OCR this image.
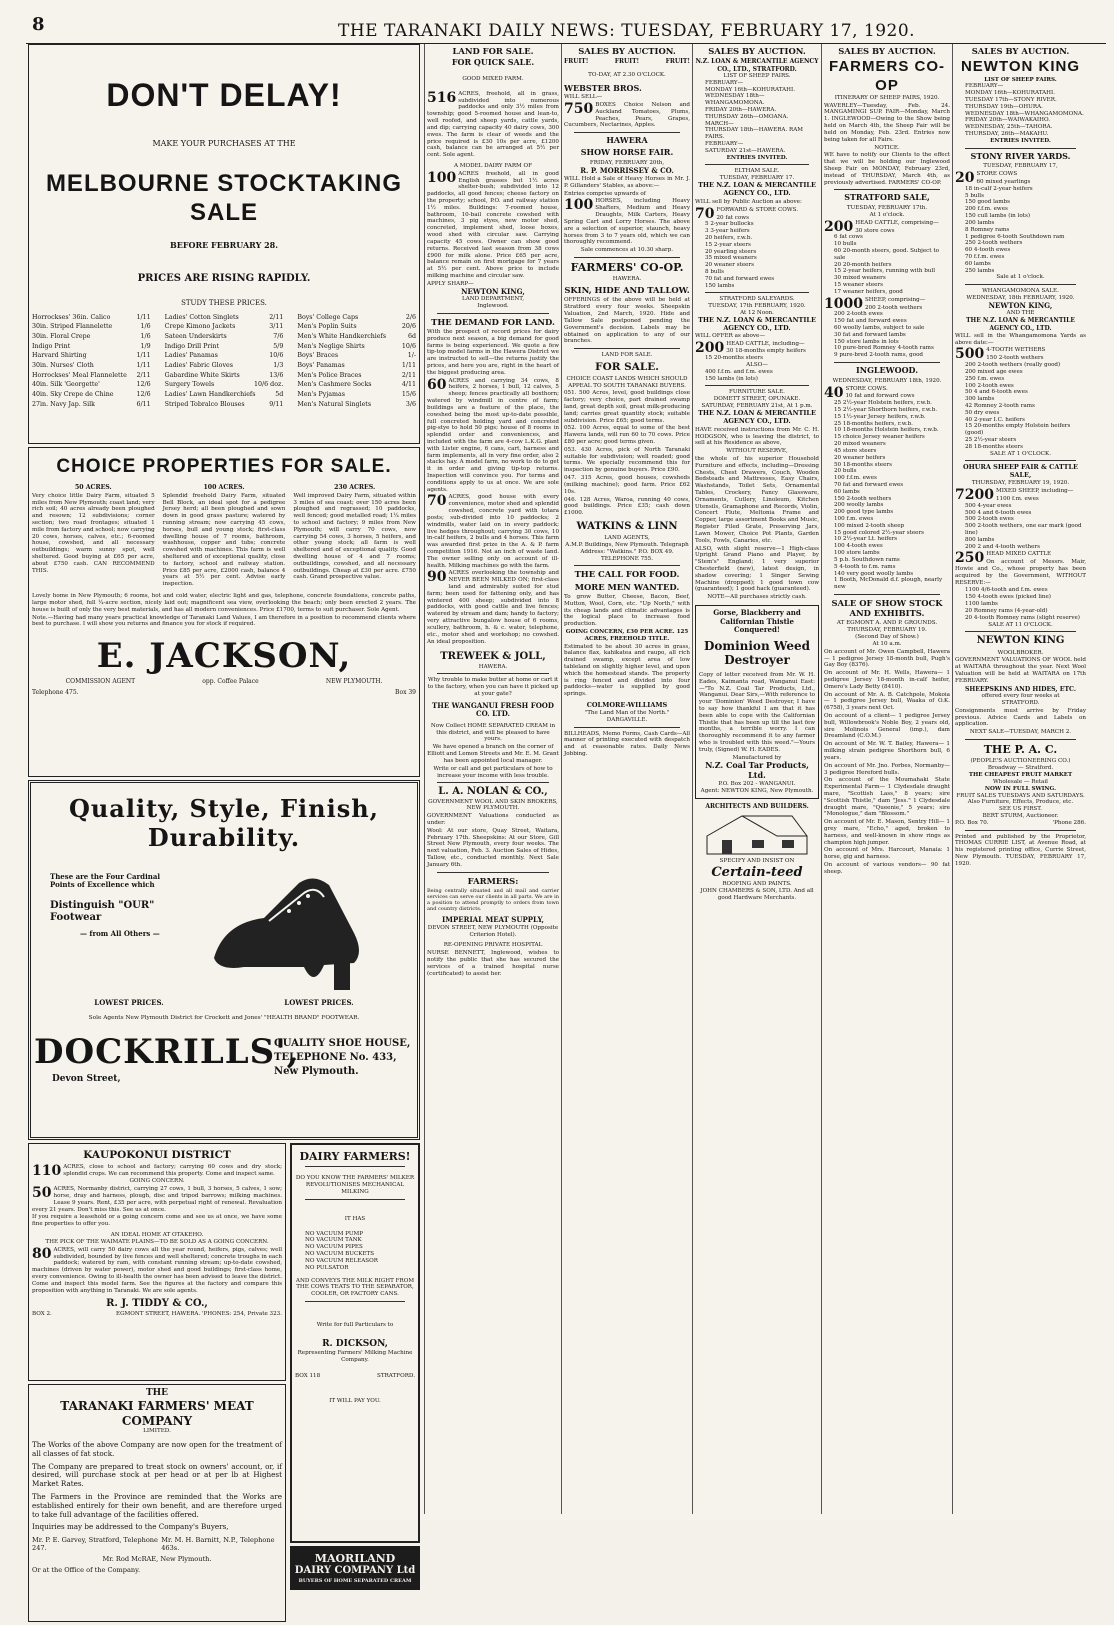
8	THE TARANAKI DAILY NEWS: TUESDAY, FEBRUARY 17, 1920.
DON'T DELAY!
MAKE YOUR PURCHASES AT THE
MELBOURNE STOCKTAKING SALE
BEFORE FEBRUARY 28.
PRICES ARE RISING RAPIDLY.
STUDY THESE PRICES.
Horrockses' 36in. Calico	1/11 Ladies' Cotton Singlets	2/11 Boys' College Caps	2/6
30in. Striped Flannelette	1/6 Crepe Kimono Jackets	3/11 Men's Poplin Suits	20/6
30in. Floral Crepe	1/6 Sateen Underskirts	7/6 Men's White Handkerchiefs	6d
Indigo Print	1/9 Indigo Drill Print	5/9 Men's Neglige Shirts	10/6
Harvard Shirting	1/11 Ladies' Panamas	10/6 Boys' Braces	1/-
30in. Nurses' Cloth	1/11 Ladies' Fabric Gloves	1/3 Boys' Panamas	1/11
Horrockses' Meal Flannelette 2/11 Gabardine White Skirts	13/6 Men's Police Braces	2/11
40in. Silk 'Georgette'	12/6 Surgery Towels	10/6 doz. Men's Cashmere Socks	4/11
40in. Sky Crepe de Chine	12/6 Ladies' Lawn Handkerchiefs	5d Men's Pyjamas	15/6
27in. Navy Jap. Silk	6/11 Striped Tobralco Blouses	9/11 Men's Natural Singlets	3/6
CHOICE PROPERTIES FOR SALE.
50 ACRES.

Very choice little Dairy Farm, situated 5 miles from New Plymouth; coast land; very rich soil; 40 acres already been ploughed and resown; 12 subdivisions; corner section; two road frontages; situated 1 mile from factory and school; now carrying 20 cows, horses, calves, etc.; 6-roomed house, cowshed, and all necessary outbuildings; warm sunny spot, well sheltered. Good buying at £65 per acre, about £750 cash. CAN RECOMMEND THIS.

100 ACRES.

Splendid freehold Dairy Farm, situated Bell Block, an ideal spot for a pedigree Jersey herd; all been ploughed and sown down in good grass pasture; watered by running stream; now carrying 45 cows, horses, bull and young stock; first-class dwelling house of 7 rooms, bathroom, washhouse, copper and tubs; concrete cowshed with machines. This farm is well sheltered and of exceptional quality, close to factory, school and railway station. Price £85 per acre, £2000 cash, balance 4 years at 5½ per cent. Advise early inspection.

230 ACRES.

Well improved Dairy Farm, situated within 3 miles of sea coast; over 150 acres been ploughed and regrassed; 10 paddocks, well fenced; good metalled road; 1¼ miles to school and factory; 9 miles from New Plymouth; will carry 70 cows, now carrying 54 cows, 3 horses, 5 heifers, and other young stock; all farm is well sheltered and of exceptional quality. Good dwelling house of 4 and 7 rooms; outbuildings, cowshed, and all necessary outbuildings. Cheap at £30 per acre. £750 cash. Grand prospective value.

Lovely home in New Plymouth; 6 rooms, hot and cold water, electric light and gas, telephone, concrete foundations, concrete paths, large motor shed, full ¼-acre section, nicely laid out; magnificent sea view, overlooking the beach; only been erected 2 years. The house is built of only the very best materials, and has all modern conveniences. Price £1700, terms to suit purchaser. Sole Agent.

Note.—Having had many years practical knowledge of Taranaki Land Values, I am therefore in a position to recommend clients where best to purchase. I will show you returns and finance you for stock if required.

E. JACKSON,
COMMISSION AGENT	opp. Coffee Palace	NEW PLYMOUTH.
Telephone 475.	Box 39
Quality, Style, Finish, Durability.
These are the Four Cardinal
Points of Excellence which
Distinguish "OUR" Footwear
— from All Others —
LOWEST PRICES.	LOWEST PRICES.
Sole Agents New Plymouth District for Crockett and Jones' "HEALTH BRAND" FOOTWEAR.
DOCKRILLS',
Devon Street,
QUALITY SHOE HOUSE,
TELEPHONE No. 433,
New Plymouth.
KAUPOKONUI DISTRICT

110 ACRES, close to school and factory; carrying 60 cows and dry stock; splendid crops. We can recommend this property. Come and inspect same.

GOING CONCERN.

50 ACRES, Normanby district, carrying 27 cows, 1 bull, 3 horses, 5 calves, 1 sow; horse, dray and harness, plough, disc and tripod barrows; milking machines. Lease 9 years. Rent, £35 per acre, with perpetual right of renewal. Revaluation every 21 years. Don't miss this. See us at once.

If you require a leasehold or a going concern come and see us at once, we have some fine properties to offer you.

AN IDEAL HOME AT OTAKEHO.
THE PICK OF THE WAIMATE PLAINS—TO BE SOLD AS A GOING CONCERN.

80 ACRES, will carry 50 dairy cows all the year round, heifers, pigs, calves; well subdivided, bounded by live fences and well sheltered; concrete troughs in each paddock; watered by ram, with constant running stream; up-to-date cowshed, machines (driven by water power), motor shed and good buildings; first-class home, every convenience. Owing to ill-health the owner has been advised to leave the district. Come and inspect this model farm. See the figures at the factory and compare this proposition with anything in Taranaki. We are sole agents.

R. J. TIDDY & CO.,
BOX 2.	EGMONT STREET, HAWERA. 'PHONES: 254, Private 323.
THE
TARANAKI FARMERS' MEAT COMPANY
LIMITED.

The Works of the above Company are now open for the treatment of all classes of fat stock.

The Company are prepared to treat stock on owners' account, or, if desired, will purchase stock at per head or at per lb at Highest Market Rates.

The Farmers in the Province are reminded that the Works are established entirely for their own benefit, and are therefore urged to take full advantage of the facilities offered.

Inquiries may be addressed to the Company's Buyers,

Mr. P. E. Garvey, Stratford, Telephone 247.
Mr. M. H. Barnitt, N.P., Telephone 463s.
Mr. Rod McRAE, New Plymouth.
Or at the Office of the Company.
DAIRY FARMERS!
DO YOU KNOW THE FARMERS' MILKER REVOLUTIONISES MECHANICAL MILKING
IT HAS
NO VACUUM PUMP
NO VACUUM TANK
NO VACUUM PIPES
NO VACUUM BUCKETS
NO VACUUM RELEASOR
NO PULSATOR
AND CONVEYS THE MILK RIGHT FROM THE COWS TEATS TO THE SEPARATOR, COOLER, OR FACTORY CANS.
Write for full Particulars to
R. DICKSON,
Representing Farmers' Milking Machine Company.
BOX 118	STRATFORD.
IT WILL PAY YOU.
MAORILAND
DAIRY COMPANY Ltd
BUYERS OF HOME SEPARATED CREAM
LAND FOR SALE.
FOR QUICK SALE.
GOOD MIXED FARM.

516 ACRES, freehold, all in grass, subdivided into numerous paddocks and only 3½ miles from township; good 5-roomed house and lean-to, well roofed, and sheep yards, cattle yards, and dip; carrying capacity 40 dairy cows, 300 ewes. The farm is clear of weeds and the price required is £30 10s per acre, £1200 cash, balance can be arranged at 5½ per cent. Sole agent.

A MODEL DAIRY FARM OF

100 ACRES freehold, all in good English grasses but 1½ acres shelter-bush; subdivided into 12 paddocks, all good fences; cheese factory on the property; school, P.O. and railway station 1½ miles. Buildings: 7-roomed house, bathroom, 10-bail concrete cowshed with machines, 3 pig styes, new motor shed, concreted, implement shed, loose boxes, wood shed with circular saw. Carrying capacity 45 cows. Owner can show good returns. Received last season from 38 cows £900 for milk alone. Price £65 per acre, balance remain on first mortgage for 7 years at 5½ per cent. Above price to include milking machine and circular saw.

APPLY SHARP—
NEWTON KING,
LAND DEPARTMENT,
Inglewood.
THE DEMAND FOR LAND.

With the prospect of record prices for dairy produce next season, a big demand for good farms is being experienced. We quote a few tip-top model farms in the Hawera District we are instructed to sell—the returns justify the prices, and here you are, right in the heart of the biggest producing area.

60 ACRES and carrying 34 cows, 8 heifers, 2 horses, 1 bull, 12 calves, 5 sheep; fences practically all boxthorn; watered by windmill in centre of farm; buildings are a feature of the place, the cowshed being the most up-to-date possible, full concreted holding yard and concreted pig-stye to hold 50 pigs; house of 8 rooms in splendid order and conveniences, and included with the farm are 4-cow L.K.G. plant with Lister engine, 6 cans, cart, harness and farm implements, all in very fine order, also 2 stacks hay. A model farm, no work to do to get it in order and giving tip-top returns. Inspection will convince you. For terms and conditions apply to us at once. We are sole agents.

70 ACRES, good house with every convenience, motor shed and splendid cowshed, concrete yard with totara posts; sub-divided into 10 paddocks; 2 windmills, water laid on in every paddock; live hedges throughout; carrying 30 cows, 10 in-calf heifers, 2 bulls and 4 horses. This farm was awarded first prize in the A. & P. farm competition 1916. Not an inch of waste land. The owner selling only on account of ill-health. Milking machines go with the farm.

90 ACRES overlooking the township and NEVER BEEN MILKED ON; first-class land and admirably suited for stud farm; been used for fattening only, and has wintered 400 sheep; subdivided into 8 paddocks, with good cattle and live fences; watered by stream and dam; handy to factory; very attractive bungalow house of 6 rooms, scullery, bathroom, h. & c. water, telephone, etc., motor shed and workshop; no cowshed. An ideal proposition.

TREWEEK & JOLL,
HAWERA.

Why trouble to make butter at home or cart it to the factory, when you can have it picked up at your gate?

THE WANGANUI FRESH FOOD CO. LTD.

Now Collect HOME SEPARATED CREAM in this district, and will be pleased to have yours.

We have opened a branch on the corner of Elliott and Lemon Streets and Mr. E. M. Grant has been appointed local manager.

Write or call and get particulars of how to increase your income with less trouble.

L. A. NOLAN & CO.,
GOVERNMENT WOOL AND SKIN BROKERS, NEW PLYMOUTH.

GOVERNMENT Valuations conducted as under:

Wool: At our store, Quay Street, Waitara, February 17th. Sheepskins: At our Store, Gill Street New Plymouth, every four weeks. The next valuation, Feb. 3. Auction Sales of Hides, Tallow, etc., conducted monthly. Next Sale January 6th.

FARMERS:

Being centrally situated and all mail and carrier services can serve our clients in all parts. We are in a position to attend promptly to orders from town and country districts.

IMPERIAL MEAT SUPPLY,
DEVON STREET, NEW PLYMOUTH (Opposite Criterion Hotel).
RE-OPENING PRIVATE HOSPITAL

NURSE BENNETT, Inglewood, wishes to notify the public that she has secured the services of a trained hospital nurse (certificated) to assist her.

SALES BY AUCTION.
FRUIT!	FRUIT!	FRUIT!
TO-DAY, AT 2.30 O'CLOCK.
WEBSTER BROS.
WILL SELL—

750 BOXES Choice Nelson and Auckland Tomatoes, Plums, Peaches, Pears, Grapes, Cucumbers, Nectarines, Apples.

HAWERA
SHOW HORSE FAIR.
FRIDAY, FEBRUARY 20th,
R. P. MORRISSEY & CO.

WILL Hold a Sale of Heavy Horses in Mr. J. P. Gillanders' Stables, as above:—

Entries comprise upwards of

100 HORSES, including Heavy Shafters, Medium and Heavy Draughts, Milk Carters, Heavy Spring Cart and Lorry Horses. The above are a selection of superior, staunch, heavy horses from 3 to 7 years old, which we can thoroughly recommend.

Sale commences at 10.30 sharp.
FARMERS' CO-OP.
HAWERA.
SKIN, HIDE AND TALLOW.

OFFERINGS of the above will be held at Stratford every four weeks. Sheepskin Valuation, 2nd March, 1920. Hide and Tallow Sale postponed pending the Government's decision. Labels may be obtained on application to any of our branches.

LAND FOR SALE.
FOR SALE.
CHOICE COAST LANDS WHICH SHOULD APPEAL TO SOUTH TARANAKI BUYERS.

051. 500 Acres, level, good buildings close factory; very choice, part drained swamp land, great depth soil, great milk-producing land; carries great quantity stock; suitable subdivision. Price £65; good terms.

052. 100 Acres, equal to some of the best Hawera lands, will run 60 to 70 cows. Price £80 per acre; good terms given.

053. 430 Acres, pick of North Taranaki suitable for subdivision; well roaded; good terms. We specially recommend this for inspection by genuine buyers. Price £90.

047. 315 Acres, good houses, cowsheds (milking machine); good farm. Price £62 10s.

046. 128 Acres, Waroa, running 40 cows, good buildings. Price £35; cash down £1000.

WATKINS & LINN
LAND AGENTS,
A.M.P. Buildings, New Plymouth. Telegraph Address: "Watkins." P.O. BOX 49. TELEPHONE 755.
THE CALL FOR FOOD.
MORE MEN WANTED.

To grow Butter, Cheese, Bacon, Beef, Mutton, Wool, Corn, etc. "Up North," with its cheap lands and climatic advantages is the logical place to increase food production.

GOING CONCERN, £30 PER ACRE. 125 ACRES, FREEHOLD TITLE.

Estimated to be about 30 acres in grass, balance flax, kahikatea and raupo, all rich drained swamp, except area of low tableland on slightly higher level, and upon which the homestead stands. The property is ring fenced and divided into four paddocks—water is supplied by good springs.

COLMORE-WILLIAMS
"The Land Man of the North." DARGAVILLE.

BILLHEADS, Memo Forms, Cash Cards—All manner of printing executed with despatch and at reasonable rates. Daily News Jobbing.

SALES BY AUCTION.
N.Z. LOAN & MERCANTILE AGENCY CO., LTD., STRATFORD.
LIST OF SHEEP FAIRS.
FEBRUARY—
MONDAY 16th—KOHURATAHI.
WEDNESDAY 18th—WHANGAMOMONA.
FRIDAY 20th—HAWERA.
THURSDAY 26th—OMOANA.
MARCH—
THURSDAY 18th—HAWERA. RAM FAIRS.
FEBRUARY—
SATURDAY 21st—HAWERA.
ENTRIES INVITED.
ELTHAM SALE.
TUESDAY, FEBRUARY 17.
THE N.Z. LOAN & MERCANTILE AGENCY CO., LTD.

WILL sell by Public Auction as above:

70 FORWARD & STORE COWS.

20 fat cows
5 2-year bullocks
3 3-year heifers
20 heifers, r.w.b.
15 2-year steers
20 yearling steers
35 mixed weaners
20 weaner steers
8 bulls
70 fat and forward ewes
150 lambs
STRATFORD SALEYARDS.
TUESDAY, 17th FEBRUARY, 1920.
At 12 Noon.
THE N.Z. LOAN & MERCANTILE AGENCY CO., LTD.
WILL OFFER as above—

200 HEAD CATTLE, including—

30 18-months empty heifers
15 20-months steers
ALSO—
400 f.f.m. and f.m. ewes
150 lambs (in lots)
FURNITURE SALE.
DOMETT STREET, OPUNAKE.
SATURDAY, FEBRUARY 21st, At 1 p.m.
THE N.Z. LOAN & MERCANTILE AGENCY CO., LTD.

HAVE received instructions from Mr. C. H. HODGSON, who is leaving the district, to sell at his Residence as above,

WITHOUT RESERVE,

the whole of his superior Household Furniture and effects, including—Dressing Chests, Chest Drawers, Couch, Wooden Bedsteads and Mattresses, Easy Chairs, Washstands, Toilet Sets, Ornamental Tables, Crockery, Fancy Glassware, Ornaments, Cutlery, Linoleum, Kitchen Utensils, Gramaphone and Records, Violin, Concert Flute, Meltonia Frame and Copper, large assortment Books and Music, Register Filed Grate, Preserving Jars, Lawn Mower, Choice Pot Plants, Garden Tools, Fowls, Canaries, etc.

ALSO, with slight reserve—1 High-class Upright Grand Piano and Player, by "Stem's" England; 1 very superior Chesterfield (new), latest design, in shadow covering; 1 Singer Sewing Machine (dropped); 1 good town cow (guaranteed); 1 good hack (guaranteed).

NOTE—All purchases strictly cash.
Gorse, Blackberry and Californian Thistle Conquered!
Dominion Weed Destroyer

Copy of letter received from Mr. W. H. Eades, Kaimanta road, Wanganui East:—"To N.Z. Coal Tar Products, Ltd., Wanganui. Dear Sirs,—With reference to your 'Dominion' Weed Destroyer, I have to say how thankful I am that it has been able to cope with the Californian Thistle that has been up till the last few months, a terrible worry. I can thoroughly recommend it to any farmer who is troubled with this weed."—Yours truly, (Signed) W. H. EADES.

Manufactured by
N.Z. Coal Tar Products, Ltd.
P.O. Box 202 - WANGANUI.
Agent: NEWTON KING, New Plymouth.
ARCHITECTS AND BUILDERS.
SPECIFY AND INSIST ON
Certain-teed
ROOFING AND PAINTS.
JOHN CHAMBERS & SON, LTD. And all good Hardware Merchants.
SALES BY AUCTION.
FARMERS CO-OP
ITINERARY OF SHEEP FAIRS, 1920.

WAVERLEY—Tuesday, Feb. 24. MANGAMINGI SUP. FAIR—Monday, March 1. INGLEWOOD—Owing to the Show being held on March 4th, the Sheep Fair will be held on Monday, Feb. 23rd. Entries now being taken for all Fairs.

NOTICE.

WE have to notify our Clients to the effect that we will be holding our Inglewood Sheep Fair on MONDAY, February 23rd, instead of THURSDAY, March 4th, as previously advertised. FARMERS' CO-OP.

STRATFORD SALE,
TUESDAY, FEBRUARY 17th.
At 1 o'clock.

200 HEAD CATTLE, comprising—

30 store cows
6 fat cows
10 bulls
60 20-month steers, good. Subject to sale
20 20-month heifers
15 2-year heifers, running with bull
30 mixed weaners
15 weaner steers
17 weaner heifers, good

1000 SHEEP, comprising—

200 2-tooth wethers
200 2-tooth ewes
150 fat and forward ewes
60 woolly lambs, subject to sale
30 fat and forward lambs
150 store lambs in lots
10 pure-bred Romney 4-tooth rams
9 pure-bred 2-tooth rams, good
INGLEWOOD.
WEDNESDAY, FEBRUARY 18th, 1920.

40 STORE COWS.

10 fat and forward cows
25 2½-year Holstein heifers, r.w.b.
15 2½-year Shorthorn heifers, r.w.b.
15 1½-year Jersey heifers, r.w.b.
25 18-months heifers, r.w.b.
10 18-months Holstein heifers, r.w.b.
15 choice Jersey weaner heifers
20 mixed weaners
45 store steers
20 weaner heifers
50 18-months steers
20 bulls
100 f.f.m. ewes
70 fat and forward ewes
60 lambs
150 2-tooth wethers
200 woolly lambs
200 good type lambs
100 f.m. ewes
100 mixed 2-tooth sheep
15 good colored 2½-year steers
10 2½-year Lt. heifers
100 4-tooth ewes
100 store lambs
5 p.b. Southdown rams
5 4-tooth to f.m. rams
140 very good woolly lambs
1 Booth, McDonald d.f. plough, nearly new
SALE OF SHOW STOCK AND EXHIBITS.
AT EGMONT A. AND P. GROUNDS.
THURSDAY, FEBRUARY 19.
(Second Day of Show.)
At 10 a.m.

On account of Mr. Owen Campbell, Hawera— 1 pedigree Jersey 18-month bull, Pugh's Gay Boy (8376).

On account of Mr. H. Wells, Hawera— 1 pedigree Jersey 18-month in-calf heifer, Omero's Lady Betty (8410).

On account of Mr. A. B. Catchpole, Mokoia— 1 pedigree Jersey bull, Waaka of O.K. (6758), 3 years next Oct.

On account of a client— 1 pedigree Jersey bull, Willowbrook's Noble Boy, 2 years old, sire Molinois General (imp.), dam Dreamland (C.O.M.)

On account of Mr. W. T. Bailey, Hawera— 1 milking strain pedigree Shorthorn bull, 6 years.

On account of Mr. Jno. Forbes, Normanby— 3 pedigree Hereford bulls.

On account of the Moumahaki State Experimental Farm— 1 Clydesdale draught mare, "Scottish Lass," 8 years; sire "Scottish Thistle," dam "Jess." 1 Clydesdale draught mare, "Queenie," 5 years; sire "Monologue," dam "Blossom."

On account of Mr. E. Mason, Sentry Hill— 1 grey mare, "Echo," aged, broken to harness, and well-known in show rings as champion high jumper.

On account of Mrs. Harcourt, Manaia: 1 horse, gig and harness.

On account of various vendors— 90 fat sheep.

SALES BY AUCTION.
NEWTON KING
LIST OF SHEEP FAIRS.
FEBRUARY—
MONDAY 16th—KOHURATAHI.
TUESDAY 17th—STONY RIVER.
THURSDAY 19th—OHURA.
WEDNESDAY 18th—WHANGAMOMONA.
FRIDAY 20th—WAIWAKAIHO.
WEDNESDAY, 25th—TAHORA.
THURSDAY, 26th—MAKAHU.
ENTRIES INVITED.
STONY RIVER YARDS.
TUESDAY, FEBRUARY 17,

20 STORE COWS

60 mixed yearlings
18 in-calf 2-year heifers
5 bulls
150 good lambs
200 f.f.m. ewes
150 cull lambs (in lots)
200 lambs
8 Romney rams
1 pedigree 6-tooth Southdown ram
250 2-tooth wethers
60 4-tooth ewes
70 f.f.m. ewes
60 lambs
250 lambs
Sale at 1 o'clock.
WHANGAMOMONA SALE.
WEDNESDAY, 18th FEBRUARY, 1920.
NEWTON KING,
AND THE
THE N.Z. LOAN & MERCANTILE AGENCY CO., LTD.

WILL sell in the Whangamomona Yards as above date:—

500 4-TOOTH WETHERS

150 2-tooth wethers
200 2-tooth wethers (really good)
200 mixed age ewes
250 f.m. ewes
100 2-tooth ewes
50 4 and 6-tooth ewes
300 lambs
42 Romney 2-tooth rams
50 dry ewes
40 2-year I.C. heifers
15 20-months empty Holstein heifers (good)
25 2½-year steers
28 18-months steers
SALE AT 1 O'CLOCK.
OHURA SHEEP FAIR & CATTLE SALE,
THURSDAY, FEBRUARY 19, 1920.

7200 MIXED SHEEP, including—

1100 f.m. ewes
500 4-year ewes
500 4 and 6-tooth ewes
500 2-tooth ewes
500 2-tooth wethers, one ear mark (good line)
800 lambs
200 2 and 4-tooth wethers

250 HEAD MIXED CATTLE

On account of Messrs. Mair, Howie and Co., whose property has been acquired by the Government, WITHOUT RESERVE:—

1100 4/6-tooth and f.m. ewes
150 4-tooth ewes (picked line)
1100 lambs
20 Romney rams (4-year-old)
20 4-tooth Romney rams (slight reserve)
SALE AT 11 O'CLOCK.
NEWTON KING
WOOLBROKER.

GOVERNMENT VALUATIONS OF WOOL held at WAITARA throughout the year. Next Wool Valuation will be held at WAITARA on 17th FEBRUARY.

SHEEPSKINS AND HIDES, ETC.
offered every four weeks at
STRATFORD.

Consignments must arrive by Friday previous. Advice Cards and Labels on application.

NEXT SALE—TUESDAY, MARCH 2.
THE P. A. C.
(PEOPLE'S AUCTIONEERING CO.)
Broadway — Stratford.
THE CHEAPEST FRUIT MARKET
Wholesale — Retail
NOW IN FULL SWING.
FRUIT SALES TUESDAYS AND SATURDAYS.
Also Furniture, Effects, Produce, etc.
SEE US FIRST.
BERT STURM, Auctioneer.
P.O. Box 70.	'Phone 286.

Printed and published by the Proprietor, THOMAS CURRIE LIST, at Avenue Road, at his registered printing office, Currie Street, New Plymouth. TUESDAY, FEBRUARY 17, 1920.
